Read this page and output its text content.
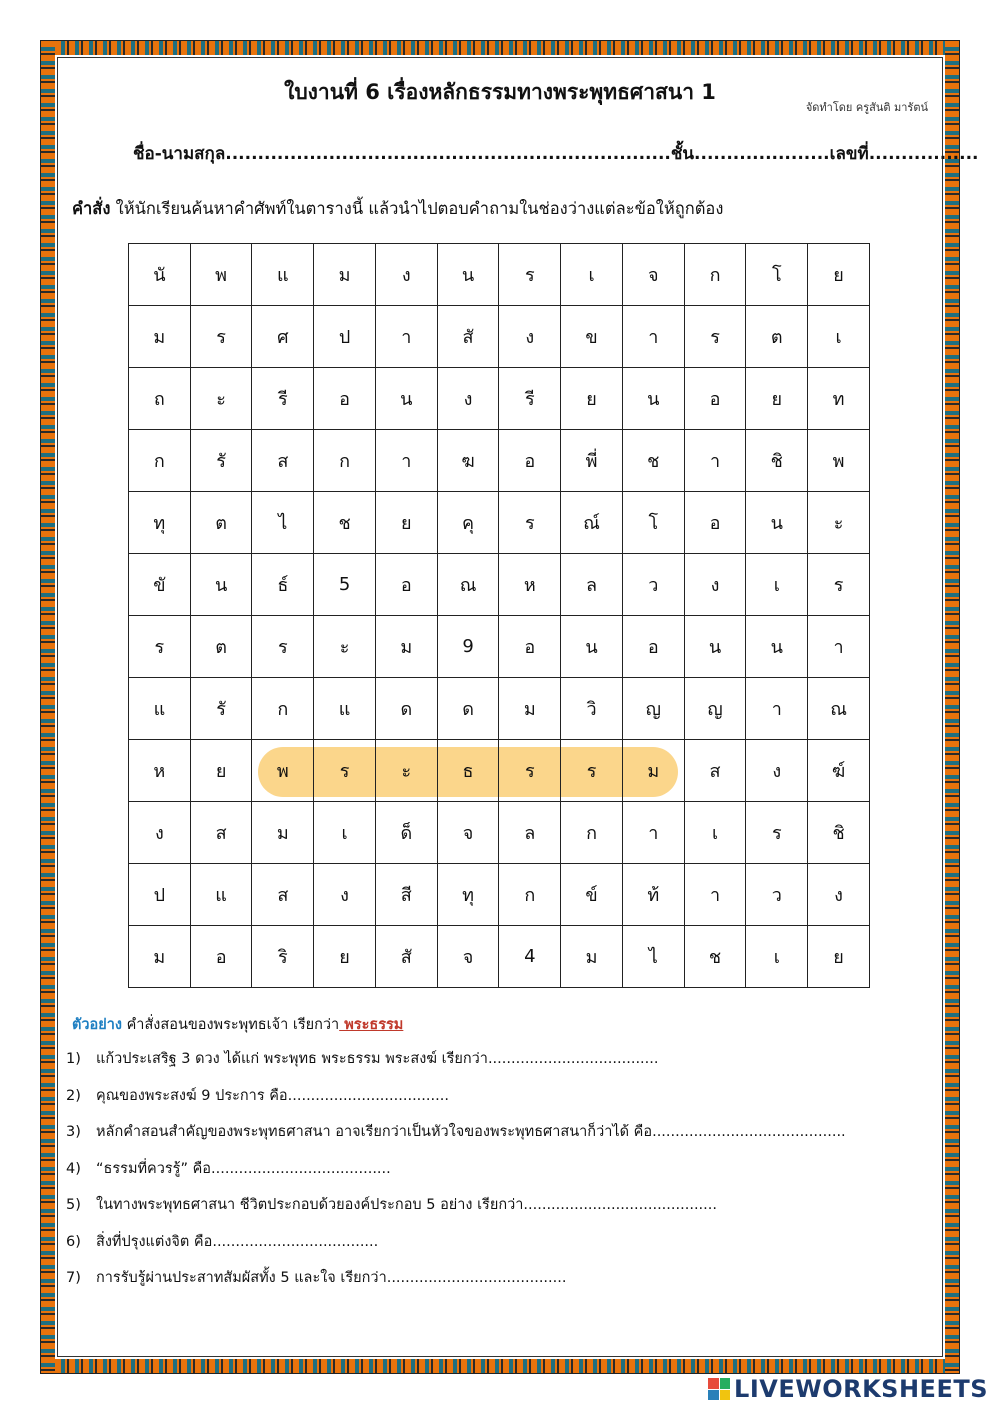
ใบงานที่ 6 เรื่องหลักธรรมทางพระพุทธศาสนา 1
จัดทำโดย ครูสันติ มารัตน์
ชื่อ-นามสกุล.....................................................................ชั้น.....................เลขที่.................
คำสั่ง ให้นักเรียนค้นหาคำศัพท์ในตารางนี้ แล้วนำไปตอบคำถามในช่องว่างแต่ละข้อให้ถูกต้อง
นั	พ	แ	ม	ง	น	ร	เ	จ	ก	โ	ย
ม	ร	ศ	ป	า	สั	ง	ข	า	ร	ต	เ
ถ	ะ	รี	อ	น	ง	รี	ย	น	อ	ย	ท
ก	รั	ส	ก	า	ฆ	อ	พี่	ช	า	ชิ	พ
ทุ	ต	ไ	ช	ย	คุ	ร	ณ์	โ	อ	น	ะ
ขั	น	ธ์	5	อ	ณ	ห	ล	ว	ง	เ	ร
ร	ต	ร	ะ	ม	9	อ	น	อ	น	น	า
แ	รั	ก	แ	ด	ด	ม	วิ	ญ	ญ	า	ณ
ห	ย	พ	ร	ะ	ธ	ร	ร	ม	ส	ง	ฆ์
ง	ส	ม	เ	ด็	จ	ล	ก	า	เ	ร	ชิ
ป	แ	ส	ง	สี	ทุ	ก	ข์	ท้	า	ว	ง
ม	อ	ริ	ย	สั	จ	4	ม	ไ	ช	เ	ย
ตัวอย่าง คำสั่งสอนของพระพุทธเจ้า เรียกว่า พระธรรม
1) แก้วประเสริฐ 3 ดวง ได้แก่ พระพุทธ พระธรรม พระสงฆ์ เรียกว่า.....................................
2) คุณของพระสงฆ์ 9 ประการ คือ...................................
3) หลักคำสอนสำคัญของพระพุทธศาสนา อาจเรียกว่าเป็นหัวใจของพระพุทธศาสนาก็ว่าได้ คือ..........................................
4) “ธรรมที่ควรรู้” คือ.......................................
5) ในทางพระพุทธศาสนา ชีวิตประกอบด้วยองค์ประกอบ 5 อย่าง เรียกว่า..........................................
6) สิ่งที่ปรุงแต่งจิต คือ....................................
7) การรับรู้ผ่านประสาทสัมผัสทั้ง 5 และใจ เรียกว่า.......................................
LIVEWORKSHEETS
